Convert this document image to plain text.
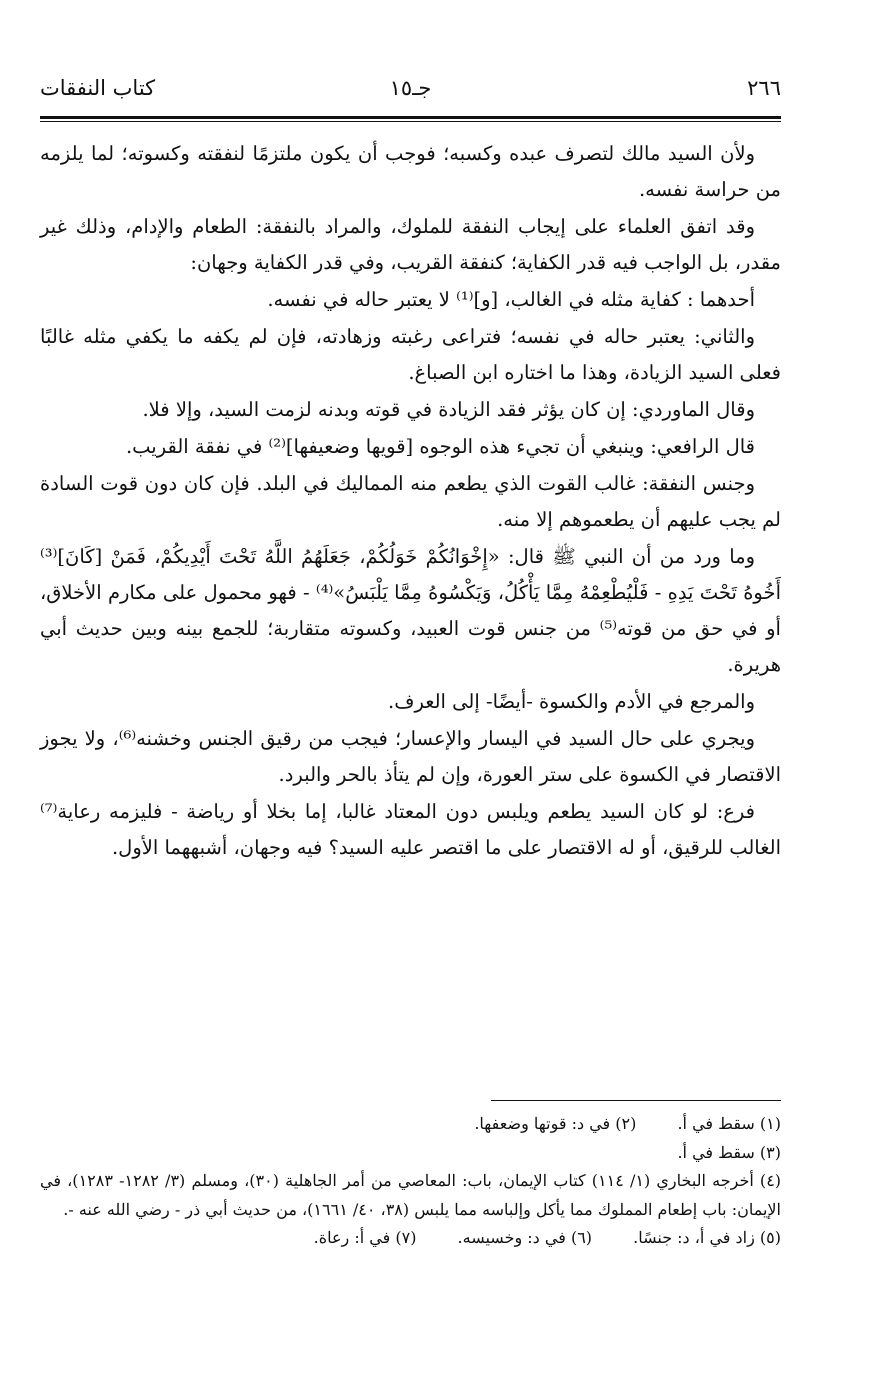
٢٦٦
جـ١٥
كتاب النفقات

ولأن السيد مالك لتصرف عبده وكسبه؛ فوجب أن يكون ملتزمًا لنفقته وكسوته؛ لما يلزمه من حراسة نفسه.

وقد اتفق العلماء على إيجاب النفقة للملوك، والمراد بالنفقة: الطعام والإدام، وذلك غير مقدر، بل الواجب فيه قدر الكفاية؛ كنفقة القريب، وفي قدر الكفاية وجهان:

أحدهما : كفاية مثله في الغالب، [و]⁽¹⁾ لا يعتبر حاله في نفسه.

والثاني: يعتبر حاله في نفسه؛ فتراعى رغبته وزهادته، فإن لم يكفه ما يكفي مثله غالبًا فعلى السيد الزيادة، وهذا ما اختاره ابن الصباغ.

وقال الماوردي: إن كان يؤثر فقد الزيادة في قوته وبدنه لزمت السيد، وإلا فلا.

قال الرافعي: وينبغي أن تجيء هذه الوجوه [قويها وضعيفها]⁽²⁾ في نفقة القريب.

وجنس النفقة: غالب القوت الذي يطعم منه المماليك في البلد. فإن كان دون قوت السادة لم يجب عليهم أن يطعموهم إلا منه.

وما ورد من أن النبي ﷺ قال: «إِخْوَانُكُمْ خَوَلُكُمْ، جَعَلَهُمُ اللَّهُ تَحْتَ أَيْدِيكُمْ، فَمَنْ [كَانَ]⁽³⁾ أَخُوهُ تَحْتَ يَدِهِ - فَلْيُطْعِمْهُ مِمَّا يَأْكُلُ، وَيَكْسُوهُ مِمَّا يَلْبَسُ»⁽⁴⁾ - فهو محمول على مكارم الأخلاق، أو في حق من قوته⁽⁵⁾ من جنس قوت العبيد، وكسوته متقاربة؛ للجمع بينه وبين حديث أبي هريرة.

والمرجع في الأدم والكسوة -أيضًا- إلى العرف.

ويجري على حال السيد في اليسار والإعسار؛ فيجب من رقيق الجنس وخشنه⁽⁶⁾، ولا يجوز الاقتصار في الكسوة على ستر العورة، وإن لم يتأذ بالحر والبرد.

فرع: لو كان السيد يطعم ويلبس دون المعتاد غالبا، إما بخلا أو رياضة - فليزمه رعاية⁽⁷⁾ الغالب للرقيق، أو له الاقتصار على ما اقتصر عليه السيد؟ فيه وجهان، أشبههما الأول.

(١) سقط في أ. (٢) في د: قوتها وضعفها.

(٣) سقط في أ.

(٤) أخرجه البخاري (١/ ١١٤) كتاب الإيمان، باب: المعاصي من أمر الجاهلية (٣٠)، ومسلم (٣/ ١٢٨٢- ١٢٨٣)، في الإيمان: باب إطعام المملوك مما يأكل وإلباسه مما يلبس (٣٨، ٤٠/ ١٦٦١)، من حديث أبي ذر - رضي الله عنه -.

(٥) زاد في أ، د: جنسًا. (٦) في د: وخسيسه. (٧) في أ: رعاة.
